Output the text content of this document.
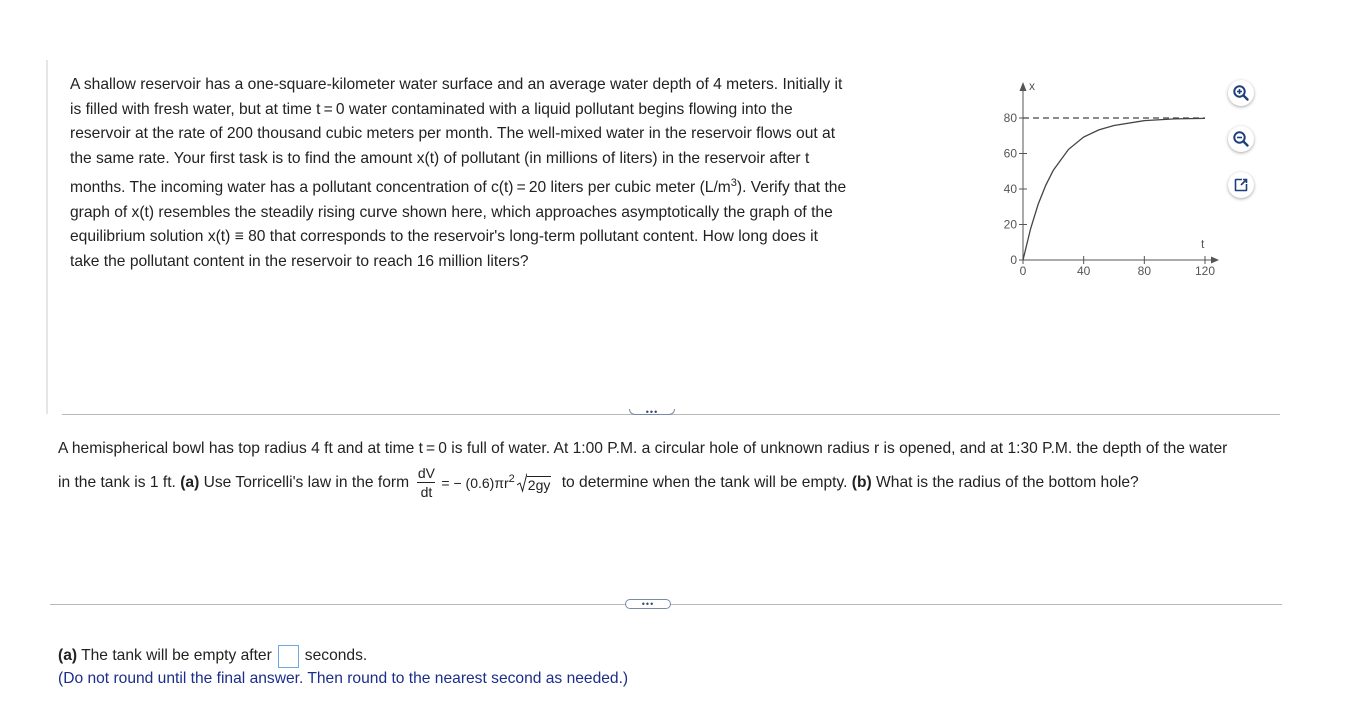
A shallow reservoir has a one-square-kilometer water surface and an average water depth of 4 meters. Initially it
is filled with fresh water, but at time t = 0 water contaminated with a liquid pollutant begins flowing into the
reservoir at the rate of 200 thousand cubic meters per month. The well-mixed water in the reservoir flows out at
the same rate. Your first task is to find the amount x(t) of pollutant (in millions of liters) in the reservoir after t
months. The incoming water has a pollutant concentration of c(t) = 20 liters per cubic meter $(L/m^3)$. Verify that the
graph of x(t) resembles the steadily rising curve shown here, which approaches asymptotically the graph of the
equilibrium solution x(t) ≡ 80 that corresponds to the reservoir's long-term pollutant content. How long does it
take the pollutant content in the reservoir to reach 16 million liters?	0
20
40
60
80
0	40	80	120
x
t
•••
A hemispherical bowl has top radius 4 ft and at time t = 0 is full of water. At 1:00 P.M. a circular hole of unknown radius r is opened, and at 1:30 P.M. the depth of the water
in the tank is 1 ft. (a) Use Torricelli's law in the form $\frac{dV}{dt}$ = − $(0.6)\pi r^2$ 2gy to determine when the tank will be empty. (b) What is the radius of the bottom hole?
•••
(a) The tank will be empty after seconds.
(Do not round until the final answer. Then round to the nearest second as needed.)
